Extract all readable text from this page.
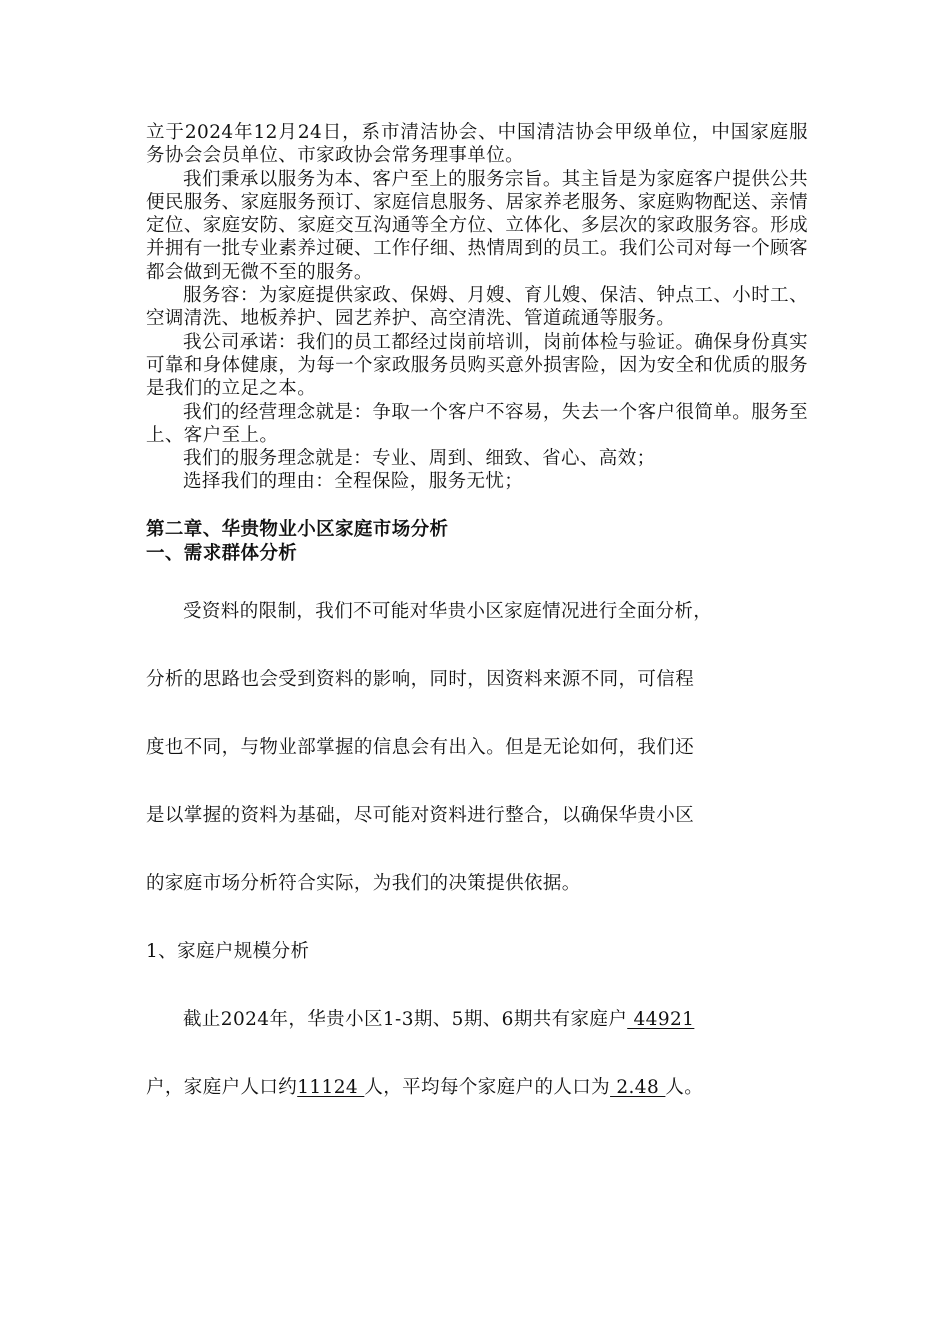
立于2024年12月24日，系市清洁协会、中国清洁协会甲级单位，中国家庭服务协会会员单位、市家政协会常务理事单位。

我们秉承以服务为本、客户至上的服务宗旨。其主旨是为家庭客户提供公共便民服务、家庭服务预订、家庭信息服务、居家养老服务、家庭购物配送、亲情定位、家庭安防、家庭交互沟通等全方位、立体化、多层次的家政服务容。形成并拥有一批专业素养过硬、工作仔细、热情周到的员工。我们公司对每一个顾客都会做到无微不至的服务。

服务容：为家庭提供家政、保姆、月嫂、育儿嫂、保洁、钟点工、小时工、空调清洗、地板养护、园艺养护、高空清洗、管道疏通等服务。

我公司承诺：我们的员工都经过岗前培训，岗前体检与验证。确保身份真实可靠和身体健康，为每一个家政服务员购买意外损害险，因为安全和优质的服务是我们的立足之本。

我们的经营理念就是：争取一个客户不容易，失去一个客户很简单。服务至上、客户至上。

我们的服务理念就是：专业、周到、细致、省心、高效；

选择我们的理由：全程保险，服务无忧；

第二章、华贵物业小区家庭市场分析

一、需求群体分析

受资料的限制，我们不可能对华贵小区家庭情况进行全面分析，

分析的思路也会受到资料的影响，同时，因资料来源不同，可信程

度也不同，与物业部掌握的信息会有出入。但是无论如何，我们还

是以掌握的资料为基础，尽可能对资料进行整合，以确保华贵小区

的家庭市场分析符合实际，为我们的决策提供依据。

1、家庭户规模分析

截止2024年，华贵小区1-3期、5期、6期共有家庭户 44921

户，家庭户人口约11124 人，平均每个家庭户的人口为 2.48 人。
